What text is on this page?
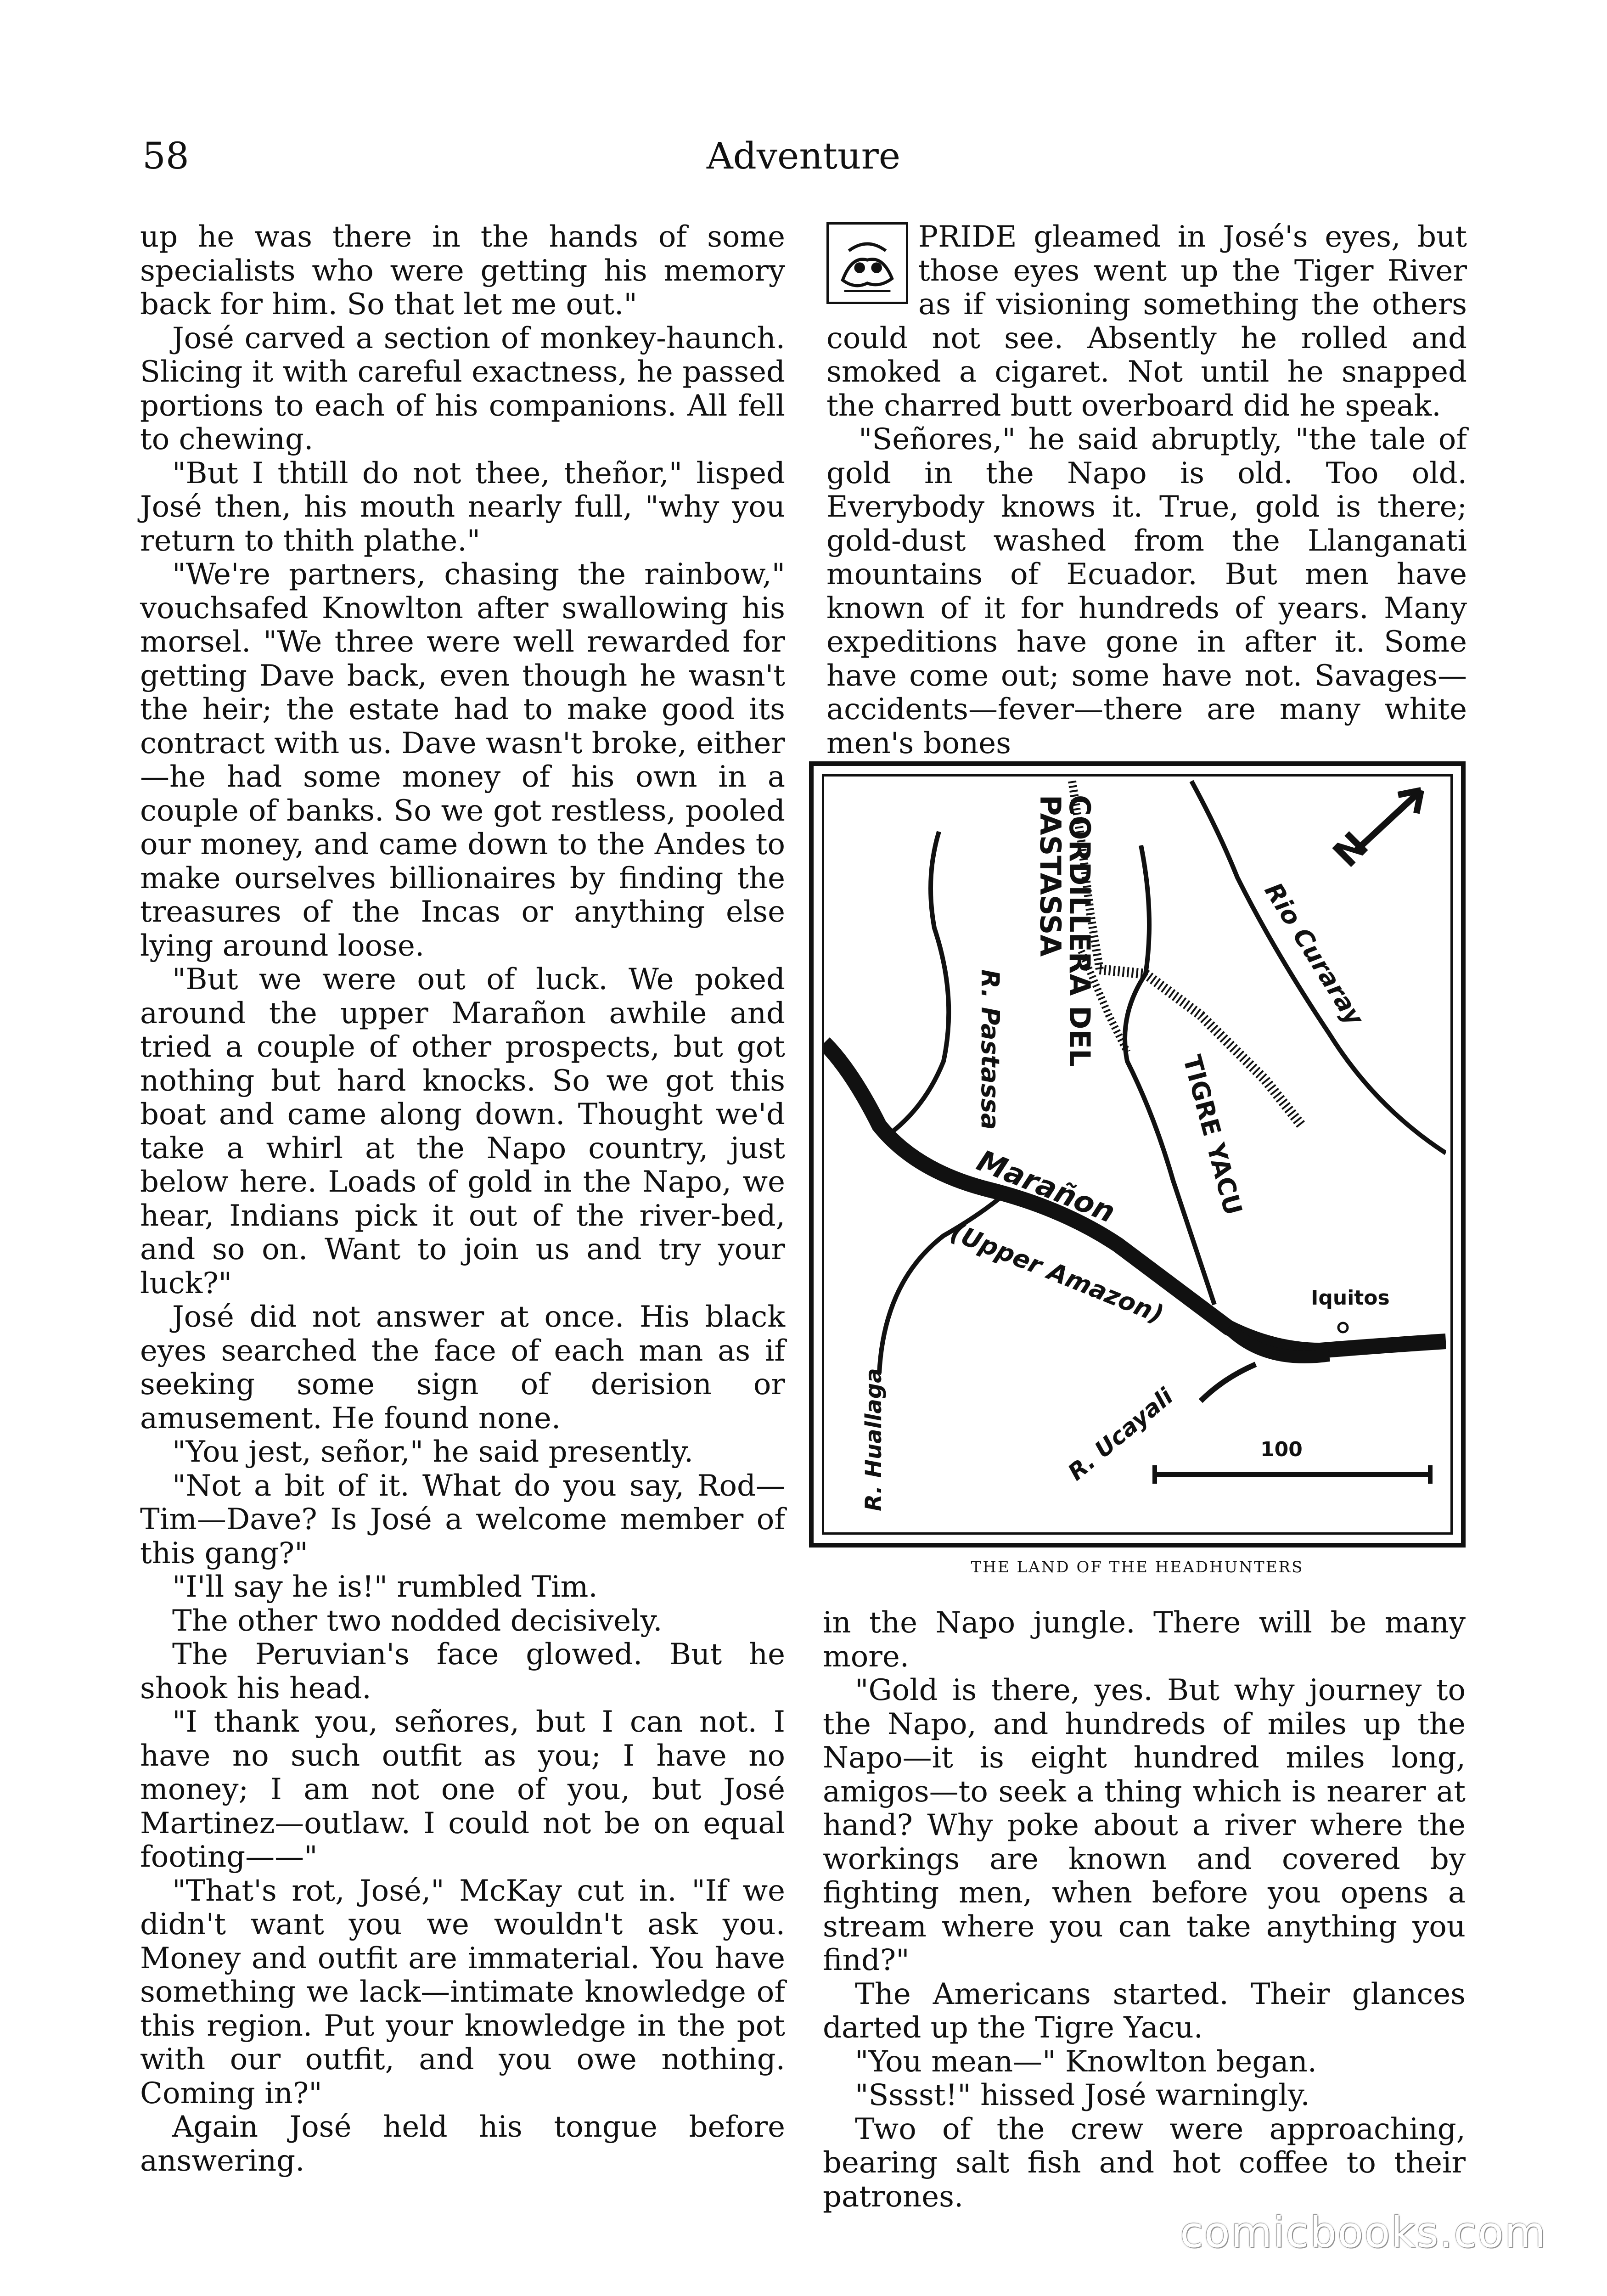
58	Adventure

up he was there in the hands of some specialists who were getting his memory back for him. So that let me out."

José carved a section of monkey-haunch. Slicing it with careful exactness, he passed portions to each of his companions. All fell to chewing.

"But I thtill do not thee, theñor," lisped José then, his mouth nearly full, "why you return to thith plathe."

"We're partners, chasing the rainbow," vouchsafed Knowlton after swallowing his morsel. "We three were well rewarded for getting Dave back, even though he wasn't the heir; the estate had to make good its contract with us. Dave wasn't broke, either—he had some money of his own in a couple of banks. So we got restless, pooled our money, and came down to the Andes to make ourselves billionaires by finding the treasures of the Incas or anything else lying around loose.

"But we were out of luck. We poked around the upper Marañon awhile and tried a couple of other prospects, but got nothing but hard knocks. So we got this boat and came along down. Thought we'd take a whirl at the Napo country, just below here. Loads of gold in the Napo, we hear, Indians pick it out of the river-bed, and so on. Want to join us and try your luck?"

José did not answer at once. His black eyes searched the face of each man as if seeking some sign of derision or amusement. He found none.

"You jest, señor," he said presently.

"Not a bit of it. What do you say, Rod—Tim—Dave? Is José a welcome member of this gang?"

"I'll say he is!" rumbled Tim.

The other two nodded decisively.

The Peruvian's face glowed. But he shook his head.

"I thank you, señores, but I can not. I have no such outfit as you; I have no money; I am not one of you, but José Martinez—outlaw. I could not be on equal footing——"

"That's rot, José," McKay cut in. "If we didn't want you we wouldn't ask you. Money and outfit are immaterial. You have something we lack—intimate knowledge of this region. Put your knowledge in the pot with our outfit, and you owe nothing. Coming in?"

Again José held his tongue before answering.

PRIDE gleamed in José's eyes, but those eyes went up the Tiger River as if visioning something the others could not see. Absently he rolled and smoked a cigaret. Not until he snapped the charred butt overboard did he speak.

"Señores," he said abruptly, "the tale of gold in the Napo is old. Too old. Everybody knows it. True, gold is there; gold-dust washed from the Llanganati mountains of Ecuador. But men have known of it for hundreds of years. Many expeditions have gone in after it. Some have come out; some have not. Savages—accidents—fever—there are many white men's bones

CORDILLERA DEL PASTASSA
R. Pastassa
Rio Curaray
TIGRE YACU
Marañon
(Upper Amazon)	Iquitos
R. Huallaga	R. Ucayali	100
N
THE LAND OF THE HEADHUNTERS

in the Napo jungle. There will be many more.

"Gold is there, yes. But why journey to the Napo, and hundreds of miles up the Napo—it is eight hundred miles long, amigos—to seek a thing which is nearer at hand? Why poke about a river where the workings are known and covered by fighting men, when before you opens a stream where you can take anything you find?"

The Americans started. Their glances darted up the Tigre Yacu.

"You mean—" Knowlton began.

"Sssst!" hissed José warningly.

Two of the crew were approaching, bearing salt fish and hot coffee to their patrones.

comicbooks.com
